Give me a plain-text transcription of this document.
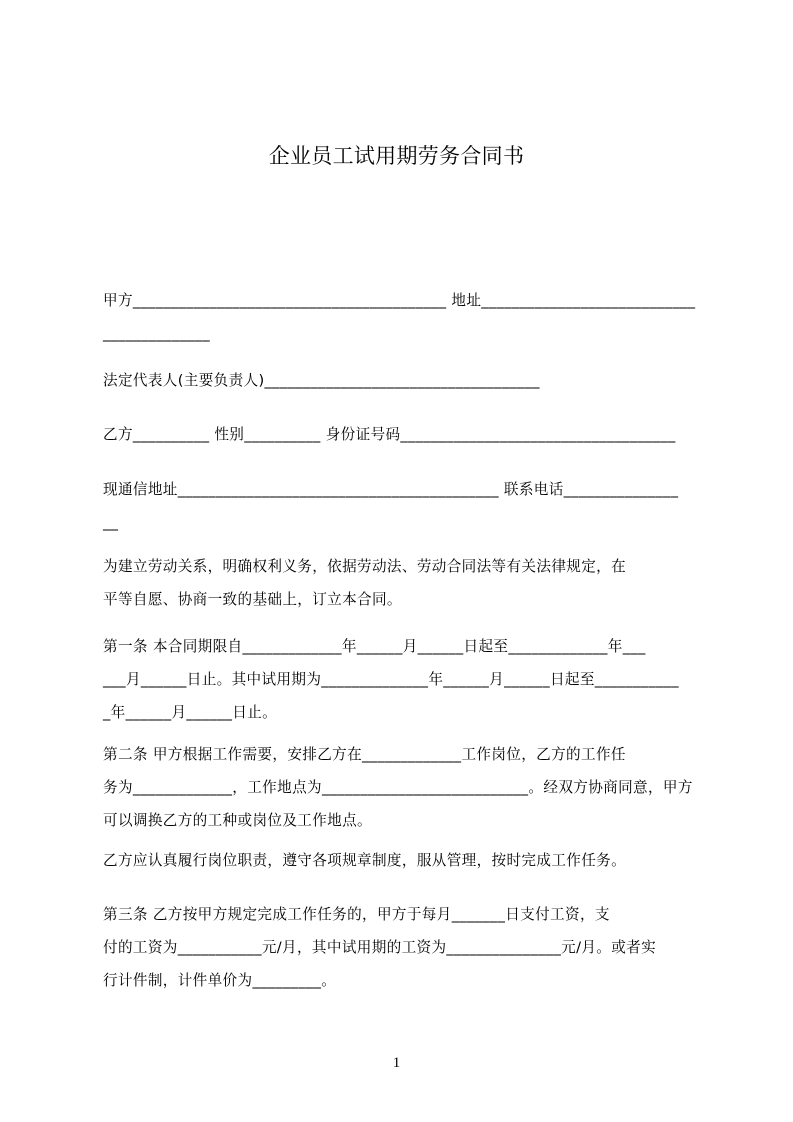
企业员工试用期劳务合同书

甲方_________________________________________ 地址____________________________

______________

法定代表人(主要负责人)____________________________________

乙方__________ 性别__________ 身份证号码____________________________________

现通信地址__________________________________________ 联系电话_______________

__

为建立劳动关系，明确权利义务，依据劳动法、劳动合同法等有关法律规定，在

平等自愿、协商一致的基础上，订立本合同。

第一条 本合同期限自_____________年______月______日起至_____________年___

___月______日止。其中试用期为______________年______月______日起至___________

_年______月______日止。

第二条 甲方根据工作需要，安排乙方在_____________工作岗位，乙方的工作任

务为_____________，工作地点为___________________________。经双方协商同意，甲方

可以调换乙方的工种或岗位及工作地点。

乙方应认真履行岗位职责，遵守各项规章制度，服从管理，按时完成工作任务。

第三条 乙方按甲方规定完成工作任务的，甲方于每月_______日支付工资，支

付的工资为___________元/月，其中试用期的工资为_______________元/月。或者实

行计件制，计件单价为_________。

1
